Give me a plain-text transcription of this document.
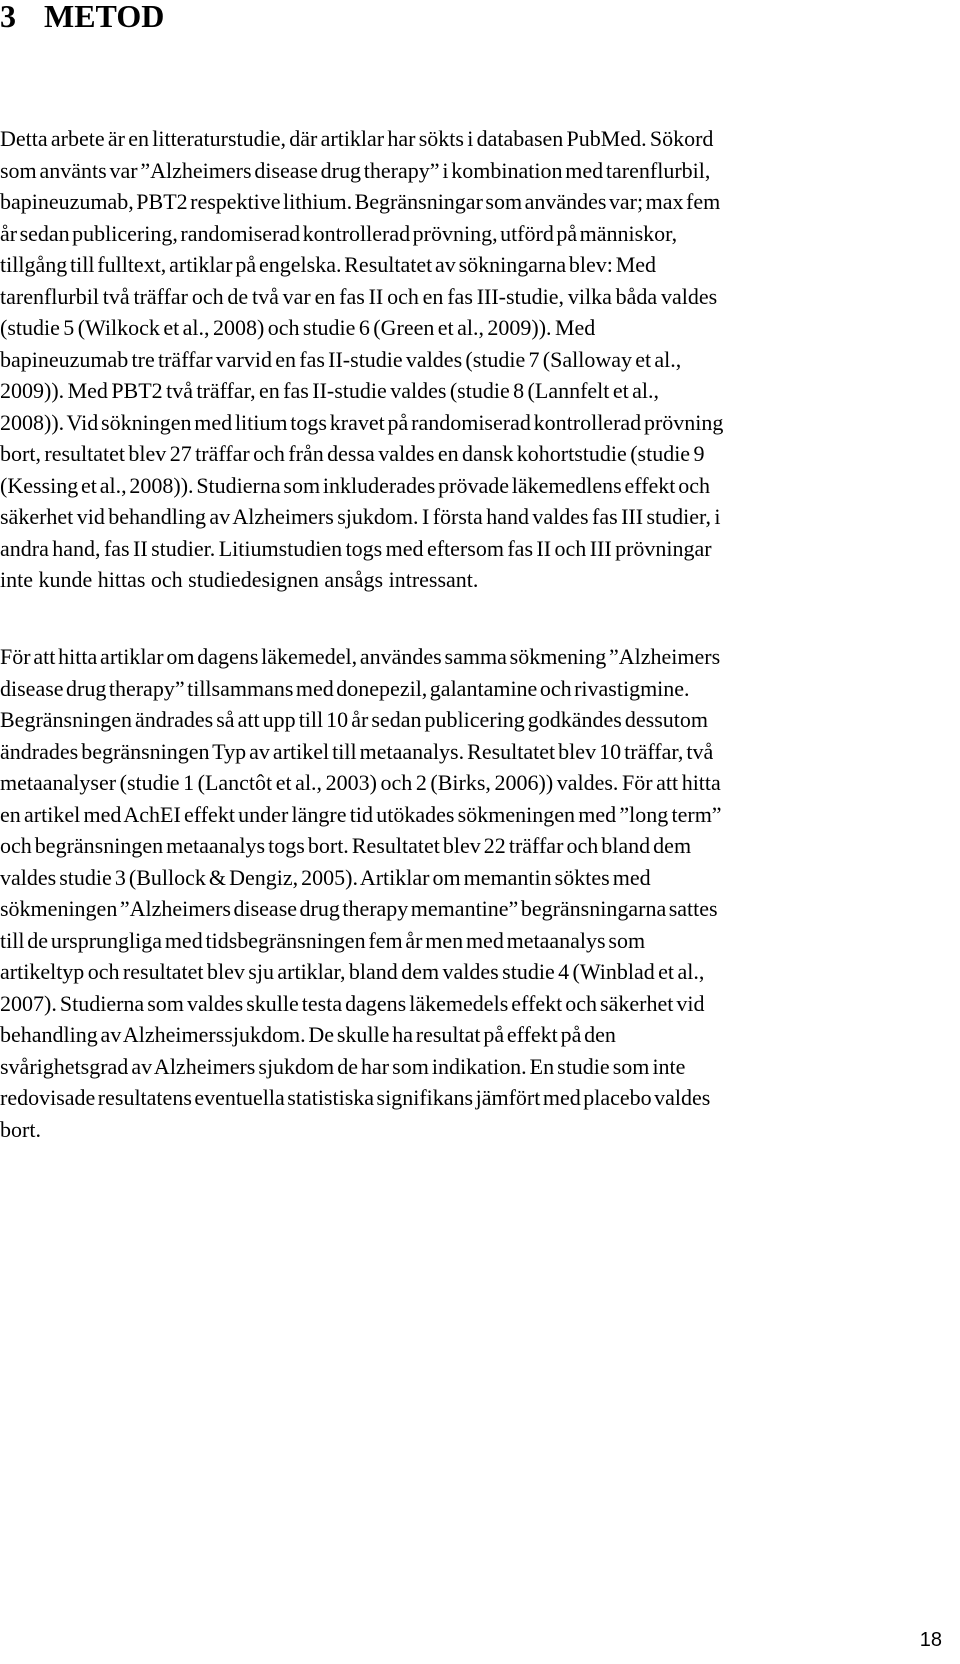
3 METOD
Detta arbete är en litteraturstudie, där artiklar har sökts i databasen PubMed. Sökord
som använts var ”Alzheimers disease drug therapy” i kombination med tarenflurbil,
bapineuzumab, PBT2 respektive lithium. Begränsningar som användes var; max fem
år sedan publicering, randomiserad kontrollerad prövning, utförd på människor,
tillgång till fulltext, artiklar på engelska. Resultatet av sökningarna blev: Med
tarenflurbil två träffar och de två var en fas II och en fas III-studie, vilka båda valdes
(studie 5 (Wilkock et al., 2008) och studie 6 (Green et al., 2009)). Med
bapineuzumab tre träffar varvid en fas II-studie valdes (studie 7 (Salloway et al.,
2009)). Med PBT2 två träffar, en fas II-studie valdes (studie 8 (Lannfelt et al.,
2008)). Vid sökningen med litium togs kravet på randomiserad kontrollerad prövning
bort, resultatet blev 27 träffar och från dessa valdes en dansk kohortstudie (studie 9
(Kessing et al., 2008)). Studierna som inkluderades prövade läkemedlens effekt och
säkerhet vid behandling av Alzheimers sjukdom. I första hand valdes fas III studier, i
andra hand, fas II studier. Litiumstudien togs med eftersom fas II och III prövningar
inte kunde hittas och studiedesignen ansågs intressant.
För att hitta artiklar om dagens läkemedel, användes samma sökmening ”Alzheimers
disease drug therapy” tillsammans med donepezil, galantamine och rivastigmine.
Begränsningen ändrades så att upp till 10 år sedan publicering godkändes dessutom
ändrades begränsningen Typ av artikel till metaanalys. Resultatet blev 10 träffar, två
metaanalyser (studie 1 (Lanctôt et al., 2003) och 2 (Birks, 2006)) valdes. För att hitta
en artikel med AchEI effekt under längre tid utökades sökmeningen med ”long term”
och begränsningen metaanalys togs bort. Resultatet blev 22 träffar och bland dem
valdes studie 3 (Bullock & Dengiz, 2005). Artiklar om memantin söktes med
sökmeningen ”Alzheimers disease drug therapy memantine” begränsningarna sattes
till de ursprungliga med tidsbegränsningen fem år men med metaanalys som
artikeltyp och resultatet blev sju artiklar, bland dem valdes studie 4 (Winblad et al.,
2007). Studierna som valdes skulle testa dagens läkemedels effekt och säkerhet vid
behandling av Alzheimerssjukdom. De skulle ha resultat på effekt på den
svårighetsgrad av Alzheimers sjukdom de har som indikation. En studie som inte
redovisade resultatens eventuella statistiska signifikans jämfört med placebo valdes
bort.
18
